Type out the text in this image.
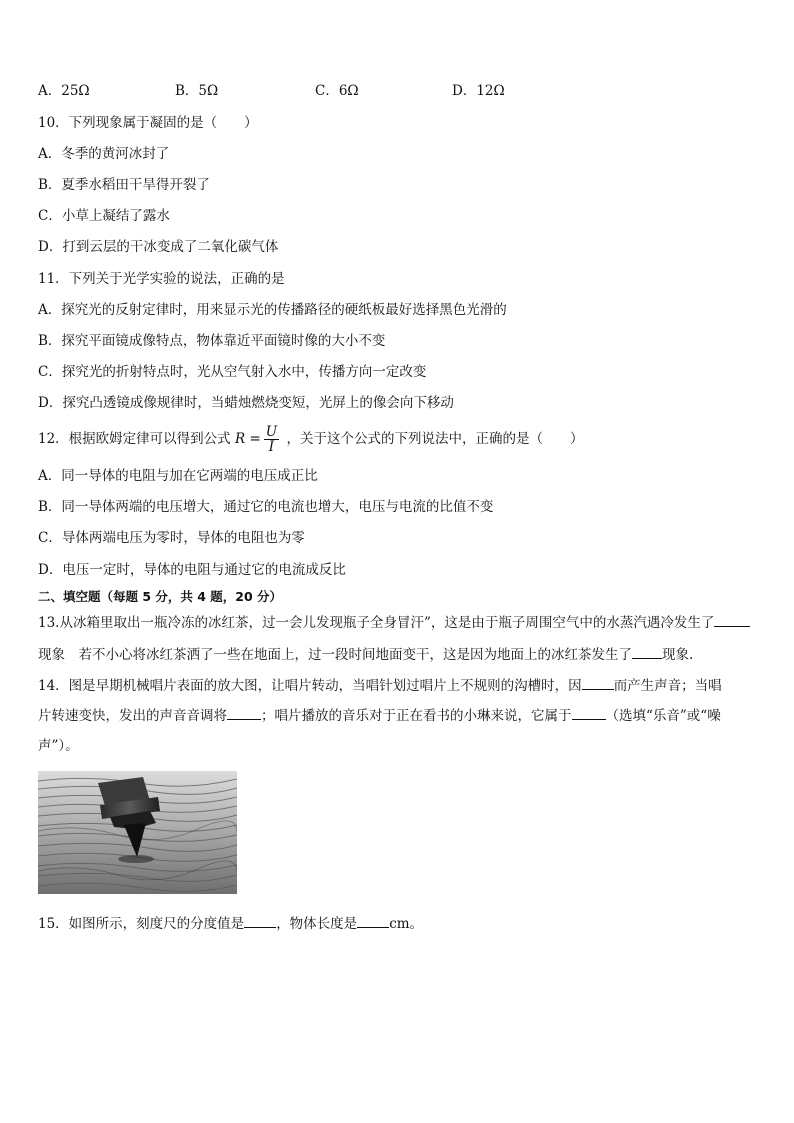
A．25Ω	B．5Ω	C．6Ω	D．12Ω
10．下列现象属于凝固的是（　　）
A．冬季的黄河冰封了
B．夏季水稻田干旱得开裂了
C．小草上凝结了露水
D．打到云层的干冰变成了二氧化碳气体
11．下列关于光学实验的说法，正确的是
A．探究光的反射定律时，用来显示光的传播路径的硬纸板最好选择黑色光滑的
B．探究平面镜成像特点，物体靠近平面镜时像的大小不变
C．探究光的折射特点时，光从空气射入水中，传播方向一定改变
D．探究凸透镜成像规律时，当蜡烛燃烧变短，光屏上的像会向下移动
12．根据欧姆定律可以得到公式 $R = \frac{U}{I}$ ，关于这个公式的下列说法中，正确的是（　　）
A．同一导体的电阻与加在它两端的电压成正比
B．同一导体两端的电压增大，通过它的电流也增大，电压与电流的比值不变
C．导体两端电压为零时，导体的电阻也为零
D．电压一定时，导体的电阻与通过它的电流成反比
二、填空题（每题 5 分，共 4 题，20 分）
13.从冰箱里取出一瓶冷冻的冰红茶，过一会儿发现瓶子全身冒汗”，这是由于瓶子周围空气中的水蒸汽遇冷发生了
现象　若不小心将冰红茶洒了一些在地面上，过一段时间地面变干，这是因为地面上的冰红茶发生了 现象.
14．图是早期机械唱片表面的放大图，让唱片转动，当唱针划过唱片上不规则的沟槽时，因 而产生声音；当唱
片转速变快，发出的声音音调将	；唱片播放的音乐对于正在看书的小琳来说，它属于	（选填“乐音”或“噪
声”）。
15．如图所示，刻度尺的分度值是 ，物体长度是 cm。
